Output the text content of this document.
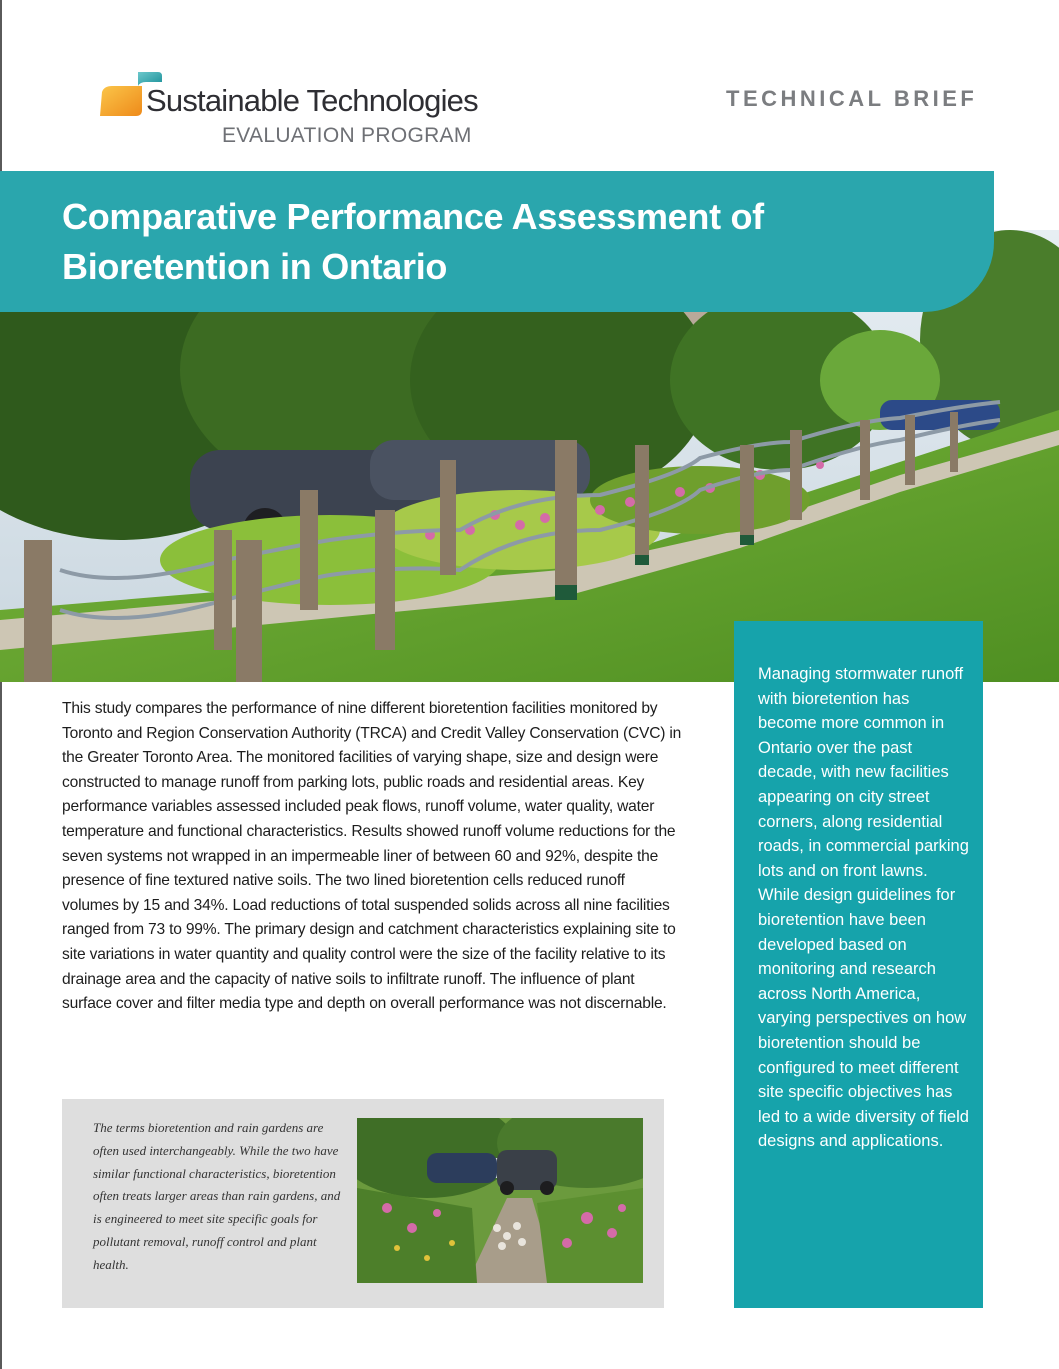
Sustainable Technologies
EVALUATION PROGRAM
TECHNICAL BRIEF
Comparative Performance Assessment of
Bioretention in Ontario
Managing stormwater runoff with bioretention has become more common in Ontario over the past decade, with new facilities appearing on city street corners, along residential roads, in commercial parking lots and on front lawns. While design guidelines for bioretention have been developed based on monitoring and research across North America, varying perspectives on how bioretention should be configured to meet different site specific objectives has led to a wide diversity of field designs and applications.
This study compares the performance of nine different bioretention facilities monitored by Toronto and Region Conservation Authority (TRCA) and Credit Valley Conservation (CVC) in the Greater Toronto Area. The monitored facilities of varying shape, size and design were constructed to manage runoff from parking lots, public roads and residential areas. Key performance variables assessed included peak flows, runoff volume, water quality, water temperature and functional characteristics. Results showed runoff volume reductions for the seven systems not wrapped in an impermeable liner of between 60 and 92%, despite the presence of fine textured native soils. The two lined bioretention cells reduced runoff volumes by 15 and 34%. Load reductions of total suspended solids across all nine facilities ranged from 73 to 99%. The primary design and catchment characteristics explaining site to site variations in water quantity and quality control were the size of the facility relative to its drainage area and the capacity of native soils to infiltrate runoff. The influence of plant surface cover and filter media type and depth on overall performance was not discernable.
The terms bioretention and rain gardens are often used interchangeably. While the two have similar functional characteristics, bioretention often treats larger areas than rain gardens, and is engineered to meet site specific goals for pollutant removal, runoff control and plant health.
